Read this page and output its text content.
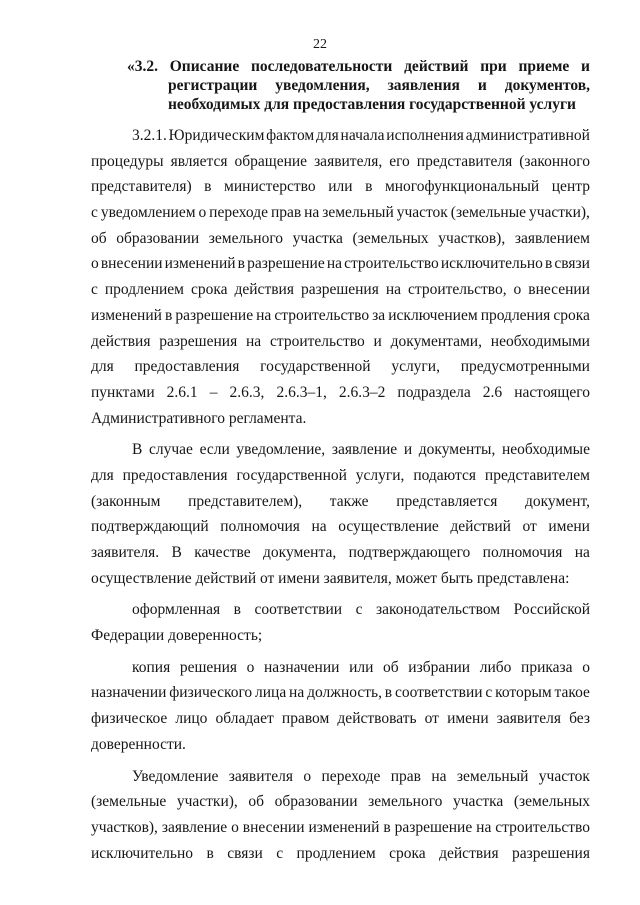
22
«3.2. Описание последовательности действий при приеме и
регистрации уведомления, заявления и документов,
необходимых для предоставления государственной услуги
3.2.1. Юридическим фактом для начала исполнения административной
процедуры является обращение заявителя, его представителя (законного
представителя) в министерство или в многофункциональный центр
с уведомлением о переходе прав на земельный участок (земельные участки),
об образовании земельного участка (земельных участков), заявлением
о внесении изменений в разрешение на строительство исключительно в связи
с продлением срока действия разрешения на строительство, о внесении
изменений в разрешение на строительство за исключением продления срока
действия разрешения на строительство и документами, необходимыми
для предоставления государственной услуги, предусмотренными
пунктами 2.6.1 – 2.6.3, 2.6.3–1, 2.6.3–2 подраздела 2.6 настоящего
Административного регламента.
В случае если уведомление, заявление и документы, необходимые
для предоставления государственной услуги, подаются представителем
(законным представителем), также представляется документ,
подтверждающий полномочия на осуществление действий от имени
заявителя. В качестве документа, подтверждающего полномочия на
осуществление действий от имени заявителя, может быть представлена:
оформленная в соответствии с законодательством Российской
Федерации доверенность;
копия решения о назначении или об избрании либо приказа о
назначении физического лица на должность, в соответствии с которым такое
физическое лицо обладает правом действовать от имени заявителя без
доверенности.
Уведомление заявителя о переходе прав на земельный участок
(земельные участки), об образовании земельного участка (земельных
участков), заявление о внесении изменений в разрешение на строительство
исключительно в связи с продлением срока действия разрешения
